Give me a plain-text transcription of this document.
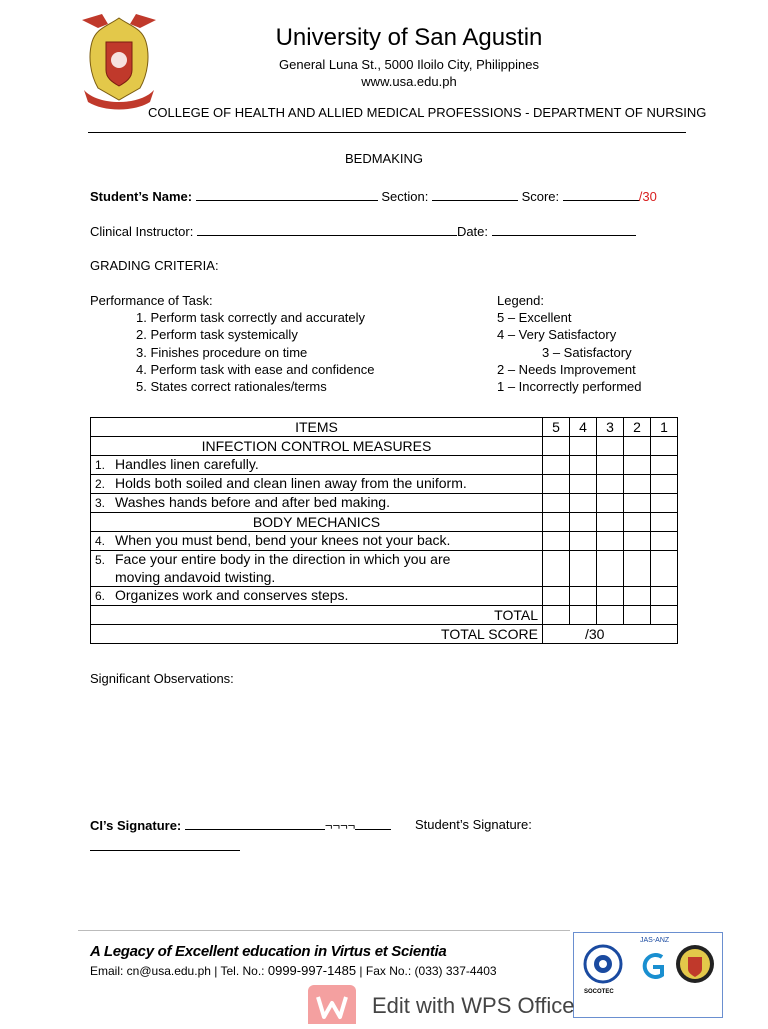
University of San Agustin
General Luna St., 5000 Iloilo City, Philippines
www.usa.edu.ph
COLLEGE OF HEALTH AND ALLIED MEDICAL PROFESSIONS - DEPARTMENT OF NURSING
BEDMAKING
Student’s Name:	Section:	Score:	/30
Clinical Instructor:	Date:
GRADING CRITERIA:
Performance of Task:
1. Perform task correctly and accurately
2. Perform task systemically
3. Finishes procedure on time
4. Perform task with ease and confidence
5. States correct rationales/terms
Legend:
5 – Excellent
4 – Very Satisfactory
3 – Satisfactory
2 – Needs Improvement
1 – Incorrectly performed
ITEMS	5	4	3	2	1
INFECTION CONTROL MEASURES					
1. Handles linen carefully.					
2. Holds both soiled and clean linen away from the uniform.					
3. Washes hands before and after bed making.					
BODY MECHANICS					
4. When you must bend, bend your knees not your back.					

5. Face your entire body in the direction in which you are
moving andavoid twisting.					

6. Organizes work and conserves steps.					
TOTAL					
TOTAL SCORE	/30				
Significant Observations:
CI’s Signature:	¬¬¬¬	Student’s Signature:
A Legacy of Excellent education in Virtus et Scientia
Email: cn@usa.edu.ph | Tel. No.: 0999-997-1485 | Fax No.: (033) 337-4403
SOCOTEC
JAS-ANZ
Edit with WPS Office
